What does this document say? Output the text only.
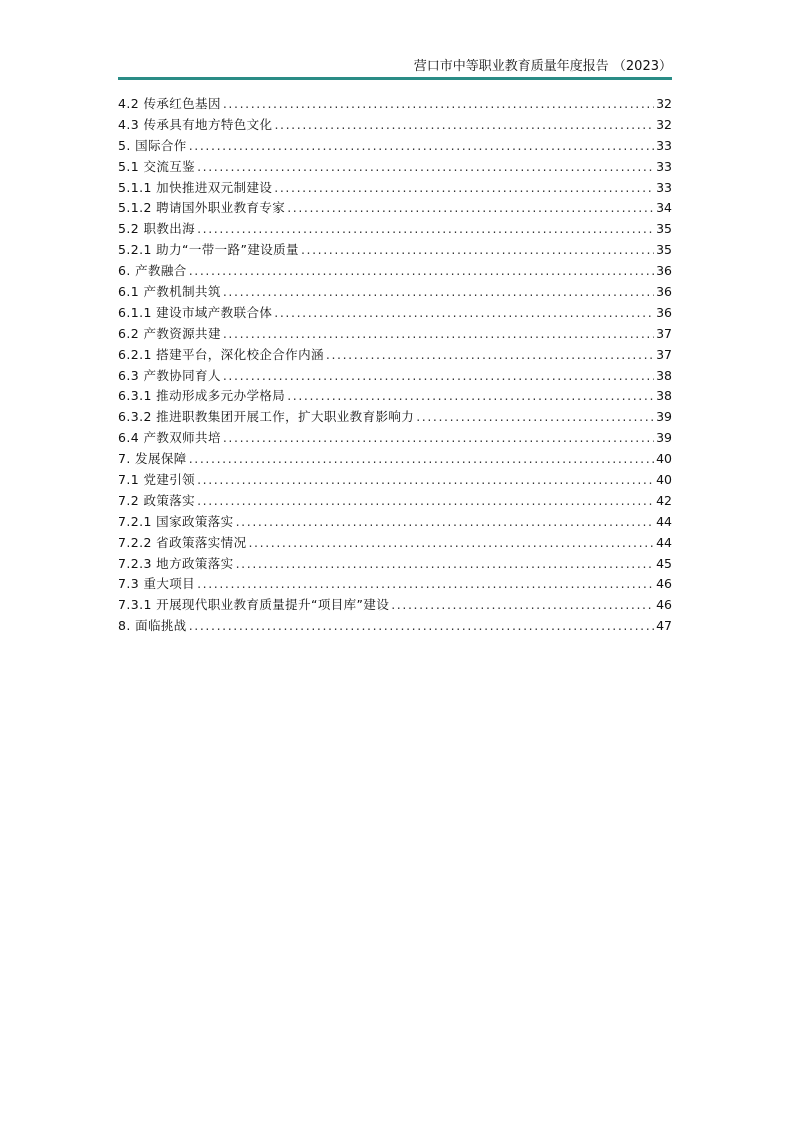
营口市中等职业教育质量年度报告 （2023）
4.2 传承红色基因 .....	32
4.3 传承具有地方特色文化 .....	32
5. 国际合作 .....	33
5.1 交流互鉴 .....	33
5.1.1 加快推进双元制建设 .....	33
5.1.2 聘请国外职业教育专家 .....	34
5.2 职教出海 .....	35
5.2.1 助力“一带一路”建设质量 .....	35
6. 产教融合 .....	36
6.1 产教机制共筑 .....	36
6.1.1 建设市域产教联合体 .....	36
6.2 产教资源共建 .....	37
6.2.1 搭建平台，深化校企合作内涵 .....	37
6.3 产教协同育人 .....	38
6.3.1 推动形成多元办学格局 .....	38
6.3.2 推进职教集团开展工作，扩大职业教育影响力 .....	39
6.4 产教双师共培 .....	39
7. 发展保障 .....	40
7.1 党建引领 .....	40
7.2 政策落实 .....	42
7.2.1 国家政策落实 .....	44
7.2.2 省政策落实情况 .....	44
7.2.3 地方政策落实 .....	45
7.3 重大项目 .....	46
7.3.1 开展现代职业教育质量提升“项目库”建设 .....	46
8. 面临挑战 .....	47
